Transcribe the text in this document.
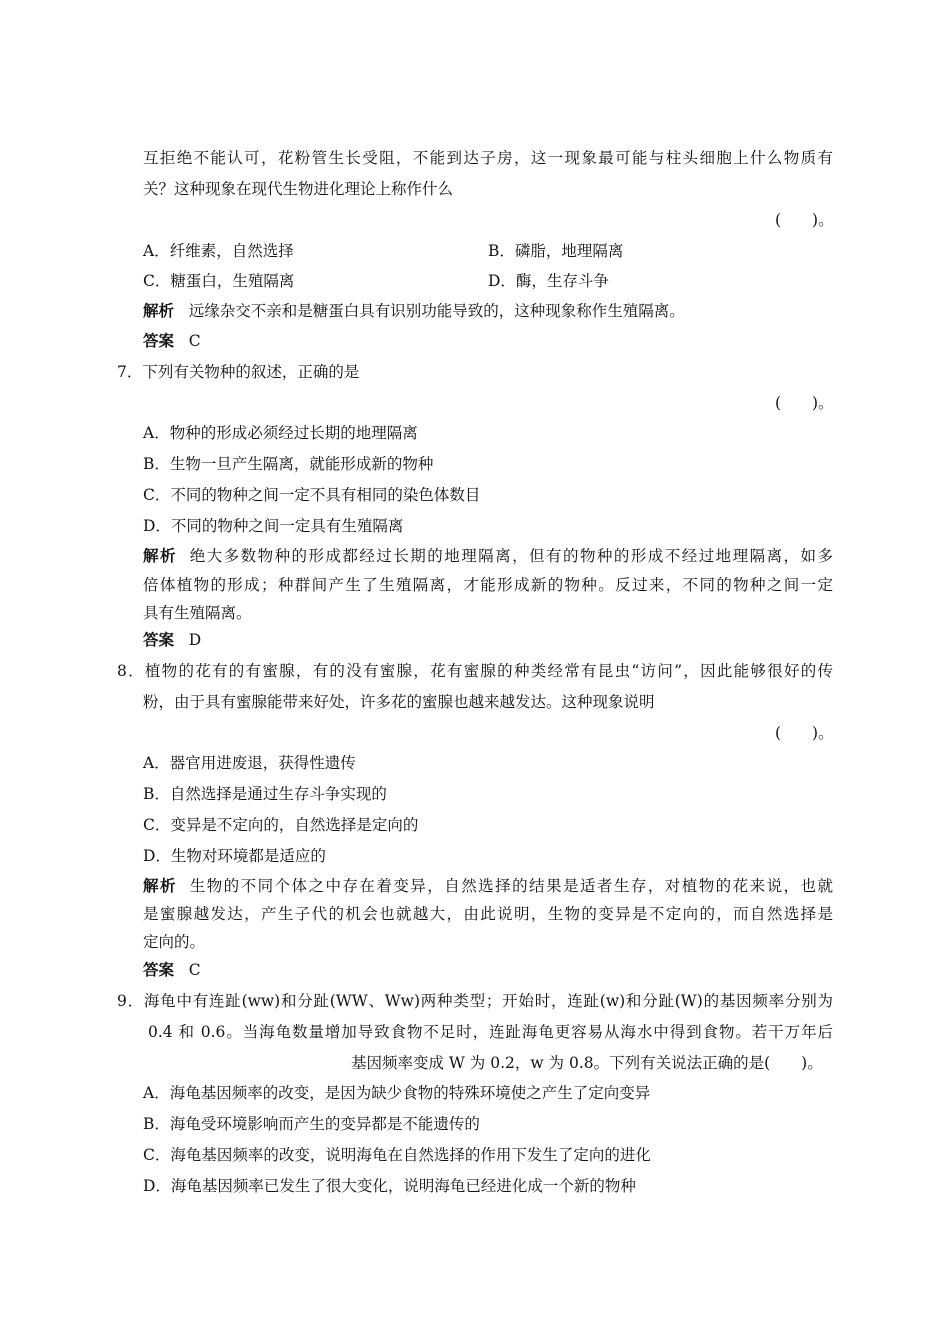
互拒绝不能认可，花粉管生长受阻，不能到达子房，这一现象最可能与柱头细胞上什么物质有
关？这种现象在现代生物进化理论上称作什么
(　　)。
A．纤维素，自然选择	B．磷脂，地理隔离
C．糖蛋白，生殖隔离	D．酶，生存斗争
解析 远缘杂交不亲和是糖蛋白具有识别功能导致的，这种现象称作生殖隔离。
答案 C
7．下列有关物种的叙述，正确的是
(　　)。
A．物种的形成必须经过长期的地理隔离
B．生物一旦产生隔离，就能形成新的物种
C．不同的物种之间一定不具有相同的染色体数目
D．不同的物种之间一定具有生殖隔离
解析 绝大多数物种的形成都经过长期的地理隔离，但有的物种的形成不经过地理隔离，如多
倍体植物的形成；种群间产生了生殖隔离，才能形成新的物种。反过来，不同的物种之间一定
具有生殖隔离。
答案 D
8．植物的花有的有蜜腺，有的没有蜜腺，花有蜜腺的种类经常有昆虫“访问”，因此能够很好的传
粉，由于具有蜜腺能带来好处，许多花的蜜腺也越来越发达。这种现象说明
(　　)。
A．器官用进废退，获得性遗传
B．自然选择是通过生存斗争实现的
C．变异是不定向的，自然选择是定向的
D．生物对环境都是适应的
解析 生物的不同个体之中存在着变异，自然选择的结果是适者生存，对植物的花来说，也就
是蜜腺越发达，产生子代的机会也就越大，由此说明，生物的变异是不定向的，而自然选择是
定向的。
答案 C
9．海龟中有连趾(ww)和分趾(WW、Ww)两种类型；开始时，连趾(w)和分趾(W)的基因频率分别为
0.4 和 0.6。当海龟数量增加导致食物不足时，连趾海龟更容易从海水中得到食物。若干万年后
基因频率变成 W 为 0.2，w 为 0.8。下列有关说法正确的是(　　)。
A．海龟基因频率的改变，是因为缺少食物的特殊环境使之产生了定向变异
B．海龟受环境影响而产生的变异都是不能遗传的
C．海龟基因频率的改变，说明海龟在自然选择的作用下发生了定向的进化
D．海龟基因频率已发生了很大变化，说明海龟已经进化成一个新的物种
